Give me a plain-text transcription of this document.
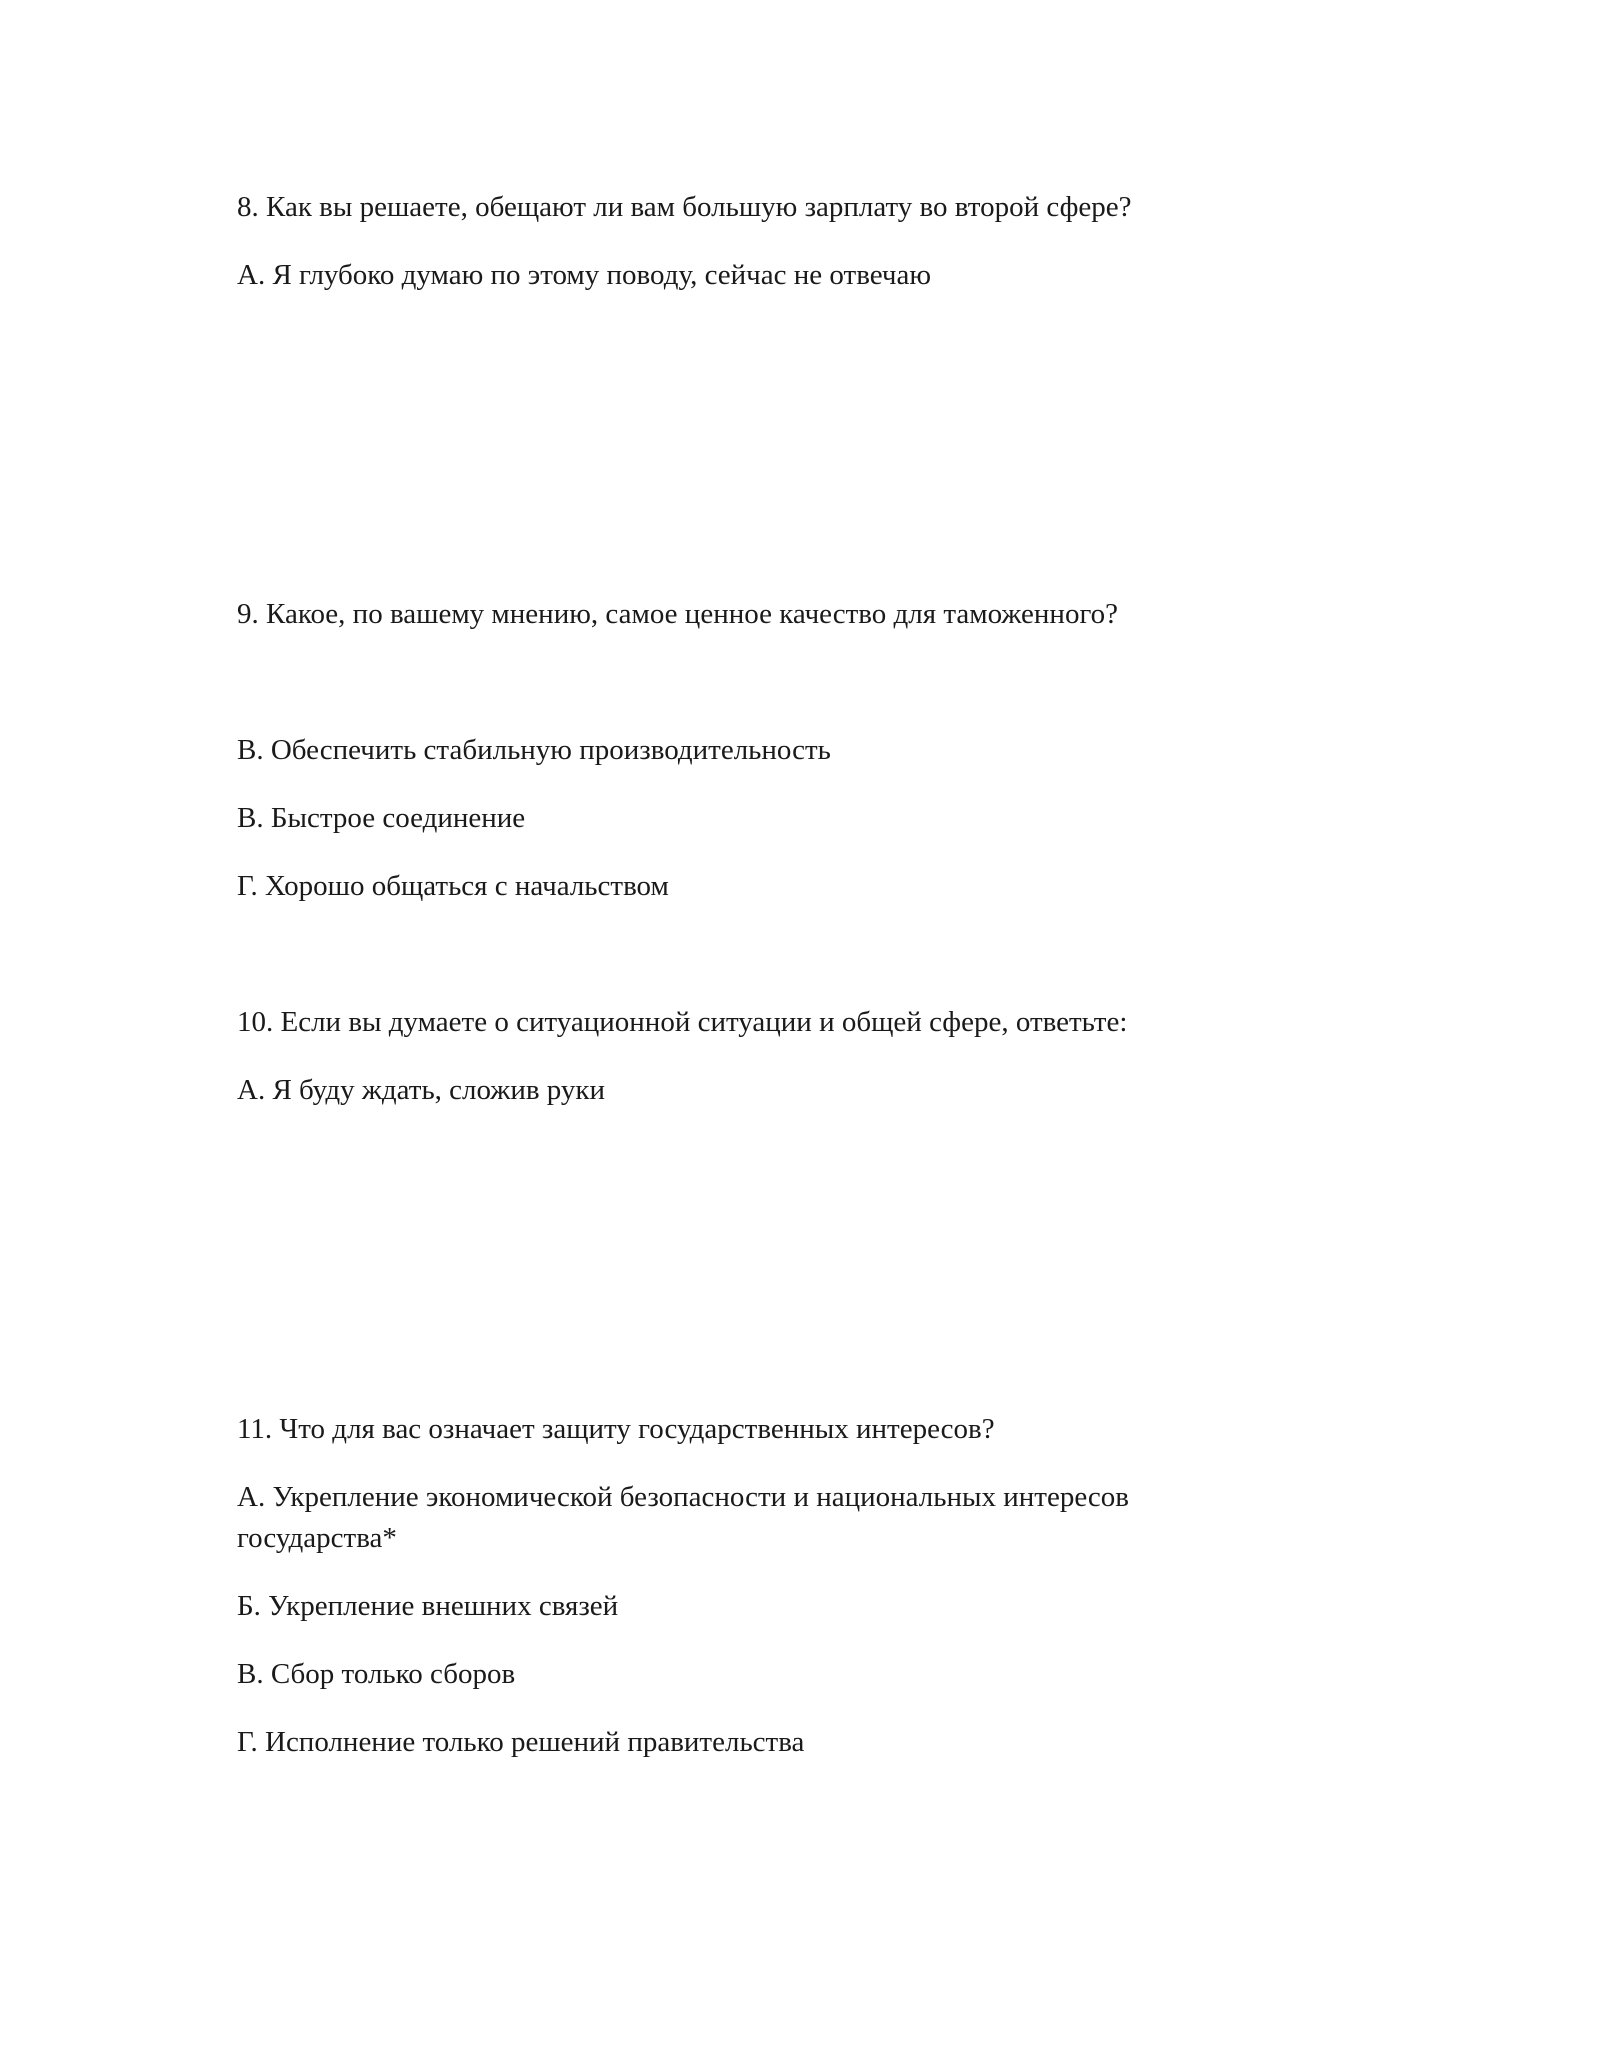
8. Как вы решаете, обещают ли вам большую зарплату во второй сфере?
А. Я глубоко думаю по этому поводу, сейчас не отвечаю
9. Какое, по вашему мнению, самое ценное качество для таможенного?
В. Обеспечить стабильную производительность
В. Быстрое соединение
Г. Хорошо общаться с начальством
10. Если вы думаете о ситуационной ситуации и общей сфере, ответьте:
А. Я буду ждать, сложив руки
11. Что для вас означает защиту государственных интересов?
А. Укрепление экономической безопасности и национальных интересов государства*
Б. Укрепление внешних связей
В. Сбор только сборов
Г. Исполнение только решений правительства
